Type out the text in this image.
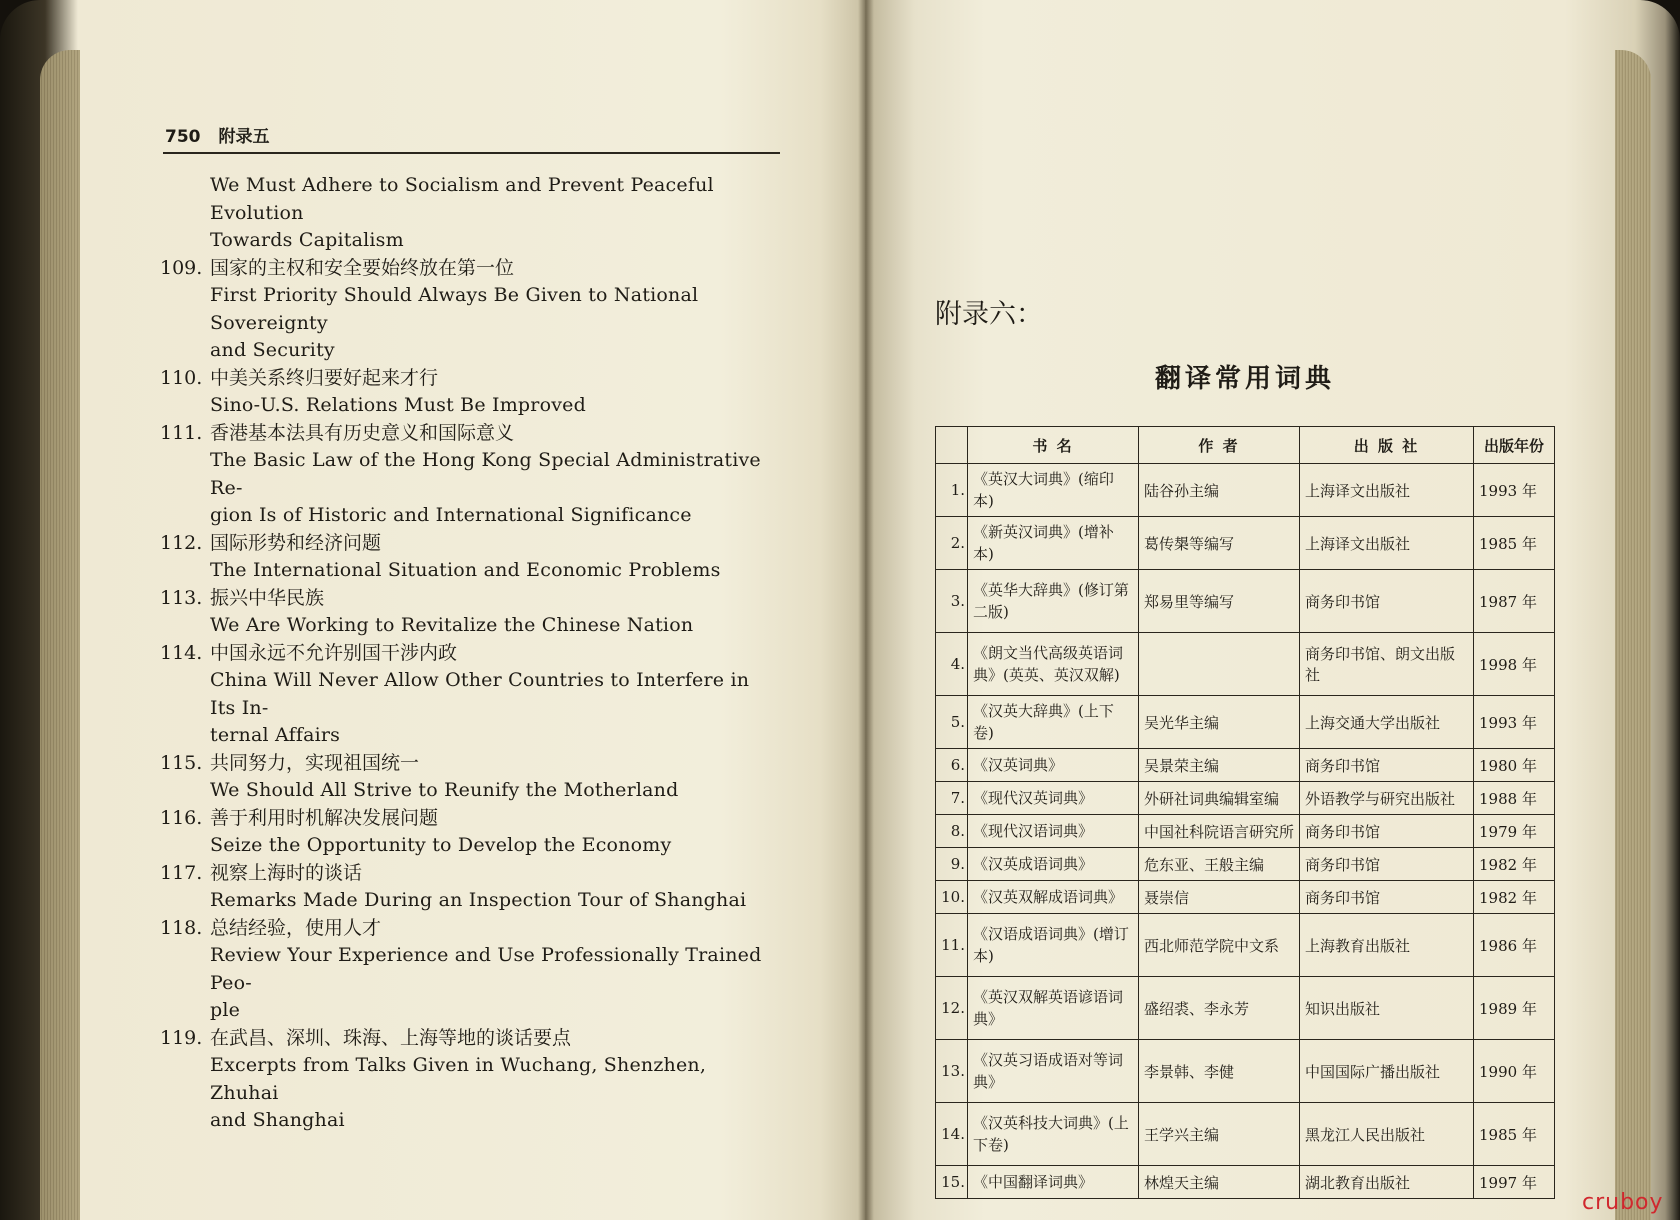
750 附录五
We Must Adhere to Socialism and Prevent Peaceful Evolution
Towards Capitalism
109. 国家的主权和安全要始终放在第一位
First Priority Should Always Be Given to National Sovereignty
and Security
110. 中美关系终归要好起来才行
Sino-U.S. Relations Must Be Improved
111. 香港基本法具有历史意义和国际意义
The Basic Law of the Hong Kong Special Administrative Re-
gion Is of Historic and International Significance
112. 国际形势和经济问题
The International Situation and Economic Problems
113. 振兴中华民族
We Are Working to Revitalize the Chinese Nation
114. 中国永远不允许别国干涉内政
China Will Never Allow Other Countries to Interfere in Its In-
ternal Affairs
115. 共同努力，实现祖国统一
We Should All Strive to Reunify the Motherland
116. 善于利用时机解决发展问题
Seize the Opportunity to Develop the Economy
117. 视察上海时的谈话
Remarks Made During an Inspection Tour of Shanghai
118. 总结经验，使用人才
Review Your Experience and Use Professionally Trained Peo-
ple
119. 在武昌、深圳、珠海、上海等地的谈话要点
Excerpts from Talks Given in Wuchang, Shenzhen, Zhuhai
and Shanghai
附录六：
翻译常用词典
	书 名	作 者	出 版 社	出版年份
1.	《英汉大词典》(缩印本)	陆谷孙主编	上海译文出版社	1993 年
2.	《新英汉词典》(增补本)	葛传槼等编写	上海译文出版社	1985 年
3.	《英华大辞典》(修订第二版)	郑易里等编写	商务印书馆	1987 年
4.	《朗文当代高级英语词典》(英英、英汉双解)		商务印书馆、朗文出版社	1998 年
5.	《汉英大辞典》(上下卷)	吴光华主编	上海交通大学出版社	1993 年
6.	《汉英词典》	吴景荣主编	商务印书馆	1980 年
7.	《现代汉英词典》	外研社词典编辑室编	外语教学与研究出版社	1988 年
8.	《现代汉语词典》	中国社科院语言研究所	商务印书馆	1979 年
9.	《汉英成语词典》	危东亚、王般主编	商务印书馆	1982 年
10.	《汉英双解成语词典》	聂崇信	商务印书馆	1982 年
11.	《汉语成语词典》(增订本)	西北师范学院中文系	上海教育出版社	1986 年
12.	《英汉双解英语谚语词典》	盛绍裘、李永芳	知识出版社	1989 年
13.	《汉英习语成语对等词典》	李景韩、李健	中国国际广播出版社	1990 年
14.	《汉英科技大词典》(上下卷)	王学兴主编	黑龙江人民出版社	1985 年
15.	《中国翻译词典》	林煌天主编	湖北教育出版社	1997 年
cruboy
